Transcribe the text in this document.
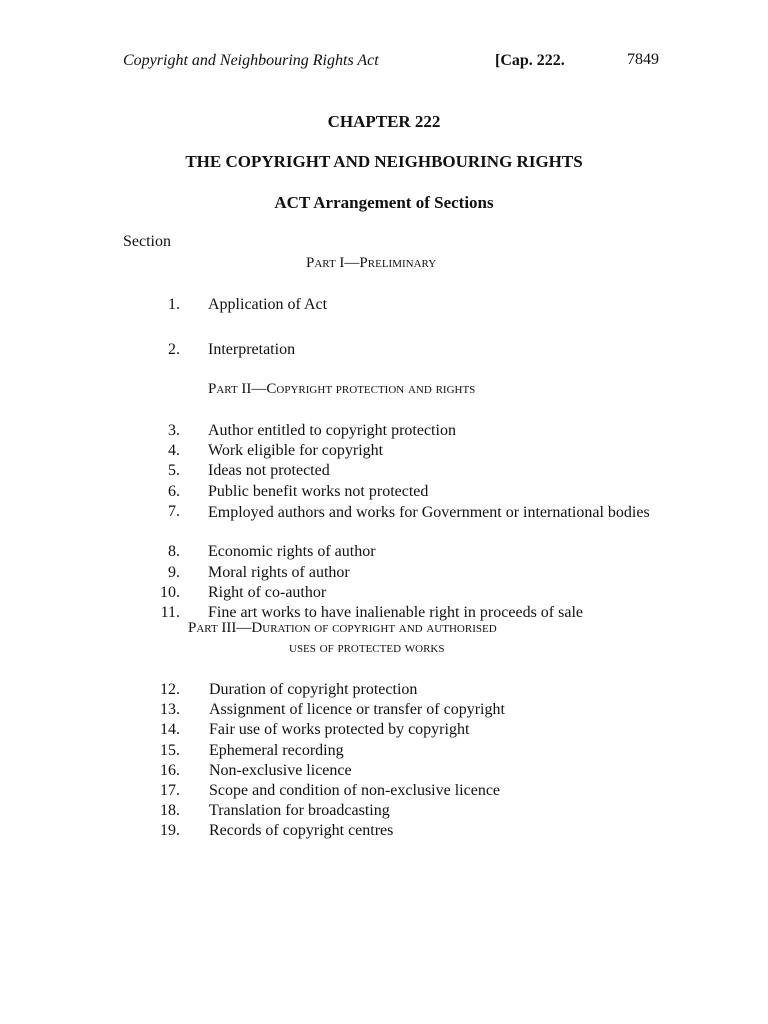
Copyright and Neighbouring Rights Act	[Cap. 222.	7849
CHAPTER 222
THE COPYRIGHT AND NEIGHBOURING RIGHTS
ACT Arrangement of Sections
Section
Part I—Preliminary
Part II—Copyright protection and rights
Part III—Duration of copyright and authorised
uses of protected works
1. Application of Act
2. Interpretation
3. Author entitled to copyright protection
4. Work eligible for copyright
5. Ideas not protected
6. Public benefit works not protected
7. Employed authors and works for Government or international bodies
8. Economic rights of author
9. Moral rights of author
10. Right of co-author
11. Fine art works to have inalienable right in proceeds of sale
12. Duration of copyright protection
13. Assignment of licence or transfer of copyright
14. Fair use of works protected by copyright
15. Ephemeral recording
16. Non-exclusive licence
17. Scope and condition of non-exclusive licence
18. Translation for broadcasting
19. Records of copyright centres
